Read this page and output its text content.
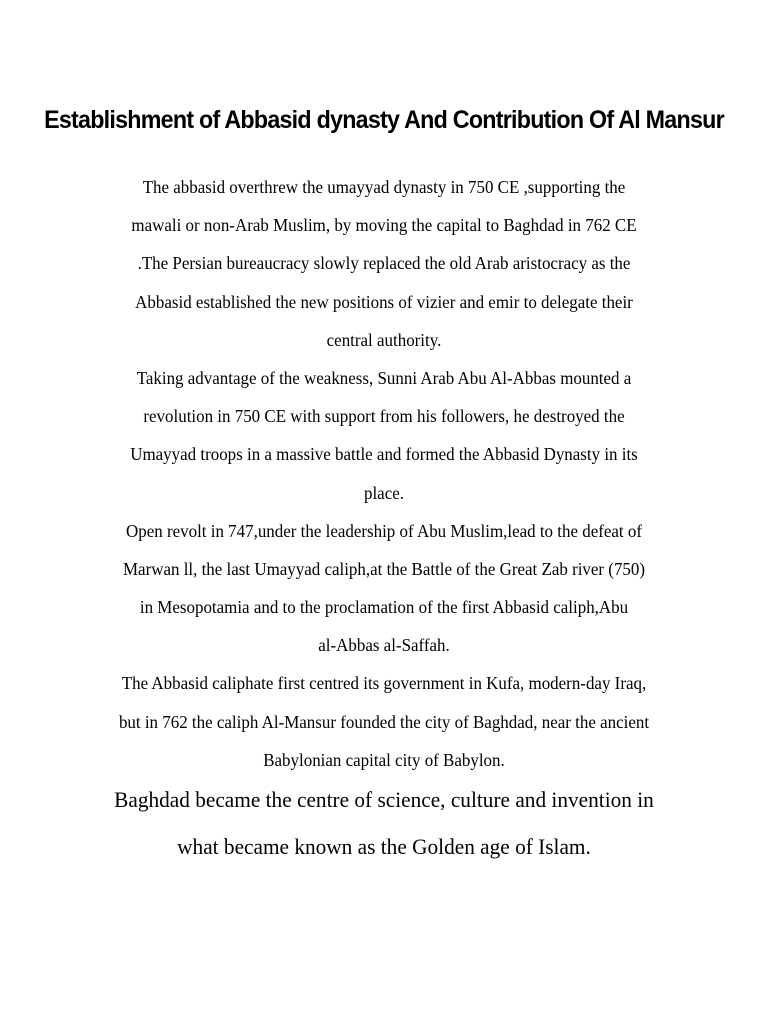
Establishment of Abbasid dynasty And Contribution Of Al Mansur
The abbasid overthrew the umayyad dynasty in 750 CE ,supporting the
mawali or non-Arab Muslim, by moving the capital to Baghdad in 762 CE
.The Persian bureaucracy slowly replaced the old Arab aristocracy as the
Abbasid established the new positions of vizier and emir to delegate their
central authority.
Taking advantage of the weakness, Sunni Arab Abu Al-Abbas mounted a
revolution in 750 CE with support from his followers, he destroyed the
Umayyad troops in a massive battle and formed the Abbasid Dynasty in its
place.
Open revolt in 747,under the leadership of Abu Muslim,lead to the defeat of
Marwan ll, the last Umayyad caliph,at the Battle of the Great Zab river (750)
in Mesopotamia and to the proclamation of the first Abbasid caliph,Abu
al-Abbas al-Saffah.
The Abbasid caliphate first centred its government in Kufa, modern-day Iraq,
but in 762 the caliph Al-Mansur founded the city of Baghdad, near the ancient
Babylonian capital city of Babylon.
Baghdad became the centre of science, culture and invention in
what became known as the Golden age of Islam.
